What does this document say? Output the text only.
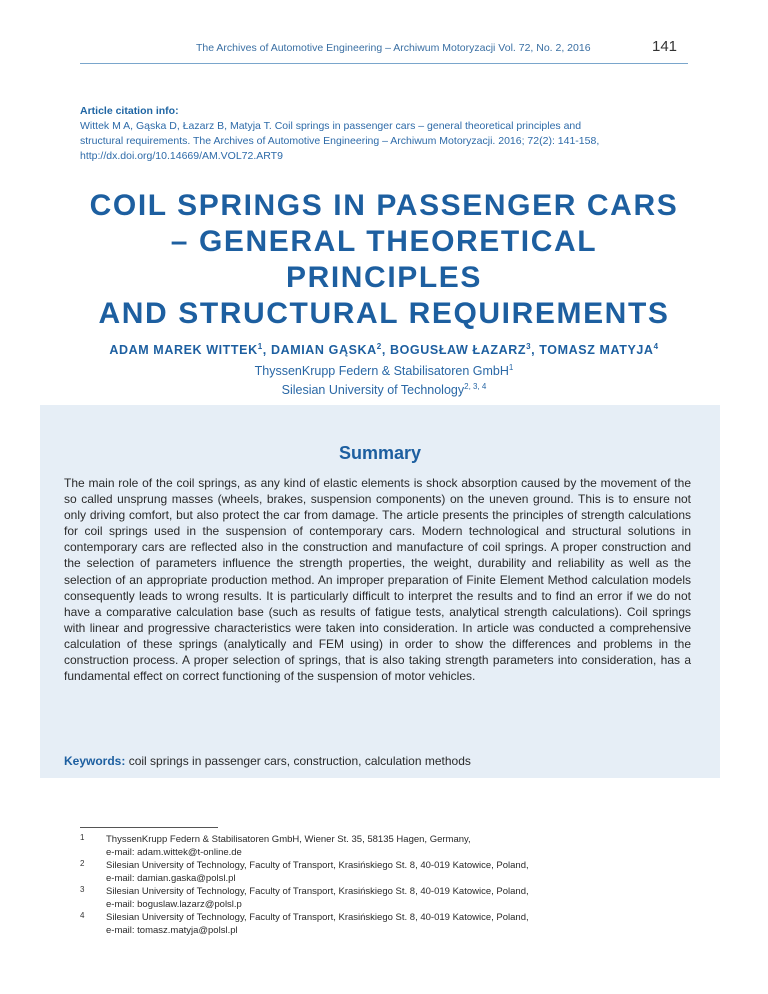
The Archives of Automotive Engineering – Archiwum Motoryzacji Vol. 72, No. 2, 2016	141

Article citation info:

Wittek M A, Gąska D, Łazarz B, Matyja T. Coil springs in passenger cars – general theoretical principles and
structural requirements. The Archives of Automotive Engineering – Archiwum Motoryzacji. 2016; 72(2): 141-158,
http://dx.doi.org/10.14669/AM.VOL72.ART9

COIL SPRINGS IN PASSENGER CARS
– GENERAL THEORETICAL PRINCIPLES
AND STRUCTURAL REQUIREMENTS
ADAM MAREK WITTEK$^1$, DAMIAN GĄSKA$^2$, BOGUSŁAW ŁAZARZ$^3$, TOMASZ MATYJA$^4$
ThyssenKrupp Federn & Stabilisatoren GmbH$^1$
Silesian University of Technology$^{2, 3, 4}$
Summary

The main role of the coil springs, as any kind of elastic elements is shock absorption caused by the movement of the so called unsprung masses (wheels, brakes, suspension components) on the uneven ground. This is to ensure not only driving comfort, but also protect the car from damage. The article presents the principles of strength calculations for coil springs used in the suspension of contemporary cars. Modern technological and structural solutions in contemporary cars are reflected also in the construction and manufacture of coil springs. A proper construction and the selection of parameters influence the strength properties, the weight, durability and reliability as well as the selection of an appropriate production method. An improper preparation of Finite Element Method calculation models consequently leads to wrong results. It is particularly difficult to interpret the results and to find an error if we do not have a comparative calculation base (such as results of fatigue tests, analytical strength calculations). Coil springs with linear and progressive characteristics were taken into consideration. In article was conducted a comprehensive calculation of these springs (analytically and FEM using) in order to show the differences and problems in the construction process. A proper selection of springs, that is also taking strength parameters into consideration, has a fundamental effect on correct functioning of the suspension of motor vehicles.

Keywords: coil springs in passenger cars, construction, calculation methods

1 ThyssenKrupp Federn & Stabilisatoren GmbH, Wiener St. 35, 58135 Hagen, Germany,
e-mail: adam.wittek@t-online.de
2 Silesian University of Technology, Faculty of Transport, Krasińskiego St. 8, 40-019 Katowice, Poland,
e-mail: damian.gaska@polsl.pl
3 Silesian University of Technology, Faculty of Transport, Krasińskiego St. 8, 40-019 Katowice, Poland,
e-mail: boguslaw.lazarz@polsl.p
4 Silesian University of Technology, Faculty of Transport, Krasińskiego St. 8, 40-019 Katowice, Poland,
e-mail: tomasz.matyja@polsl.pl
